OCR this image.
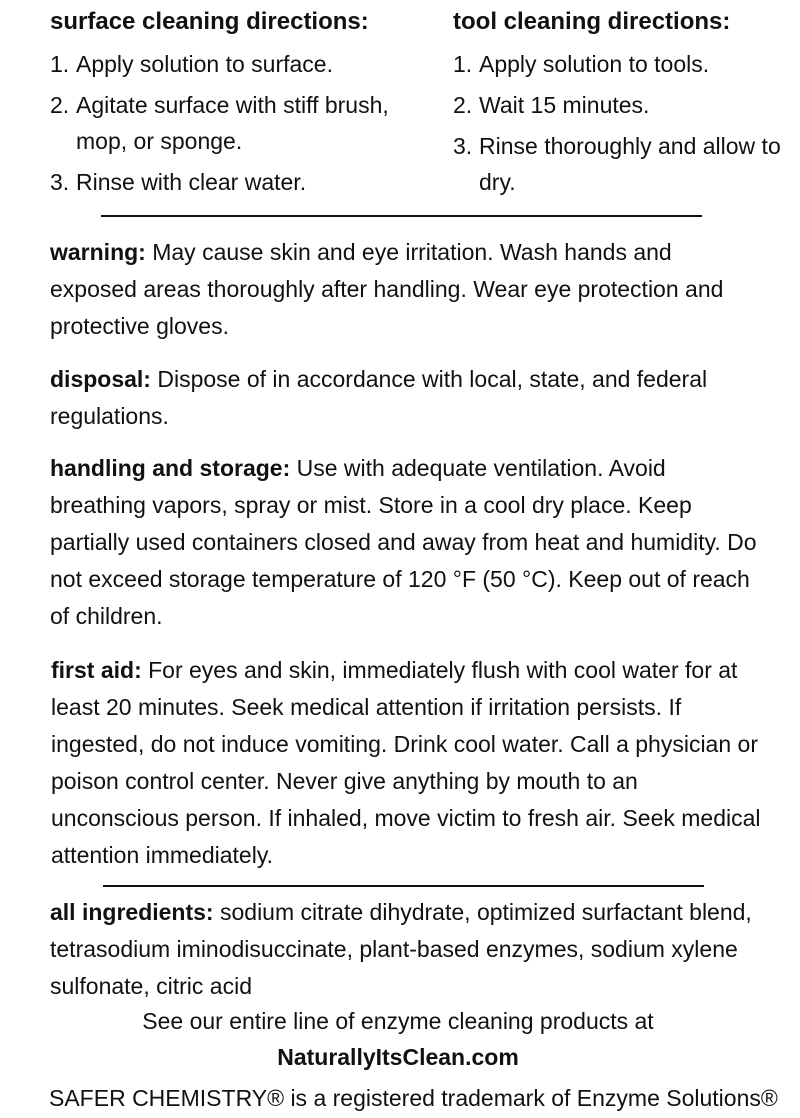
surface cleaning directions:
1. Apply solution to surface.
2. Agitate surface with stiff brush, mop, or sponge.
3. Rinse with clear water.
tool cleaning directions:
1. Apply solution to tools.
2. Wait 15 minutes.
3. Rinse thoroughly and allow to dry.

warning: May cause skin and eye irritation. Wash hands and exposed areas thoroughly after handling. Wear eye protection and protective gloves.

disposal: Dispose of in accordance with local, state, and federal regulations.

handling and storage: Use with adequate ventilation. Avoid breathing vapors, spray or mist. Store in a cool dry place. Keep partially used containers closed and away from heat and humidity. Do not exceed storage temperature of 120 °F (50 °C). Keep out of reach of children.

first aid: For eyes and skin, immediately flush with cool water for at least 20 minutes. Seek medical attention if irritation persists. If ingested, do not induce vomiting. Drink cool water. Call a physician or poison control center. Never give anything by mouth to an unconscious person. If inhaled, move victim to fresh air. Seek medical attention immediately.

all ingredients: sodium citrate dihydrate, optimized surfactant blend, tetrasodium iminodisuccinate, plant-based enzymes, sodium xylene sulfonate, citric acid

See our entire line of enzyme cleaning products at
NaturallyItsClean.com
SAFER CHEMISTRY® is a registered trademark of Enzyme Solutions®
